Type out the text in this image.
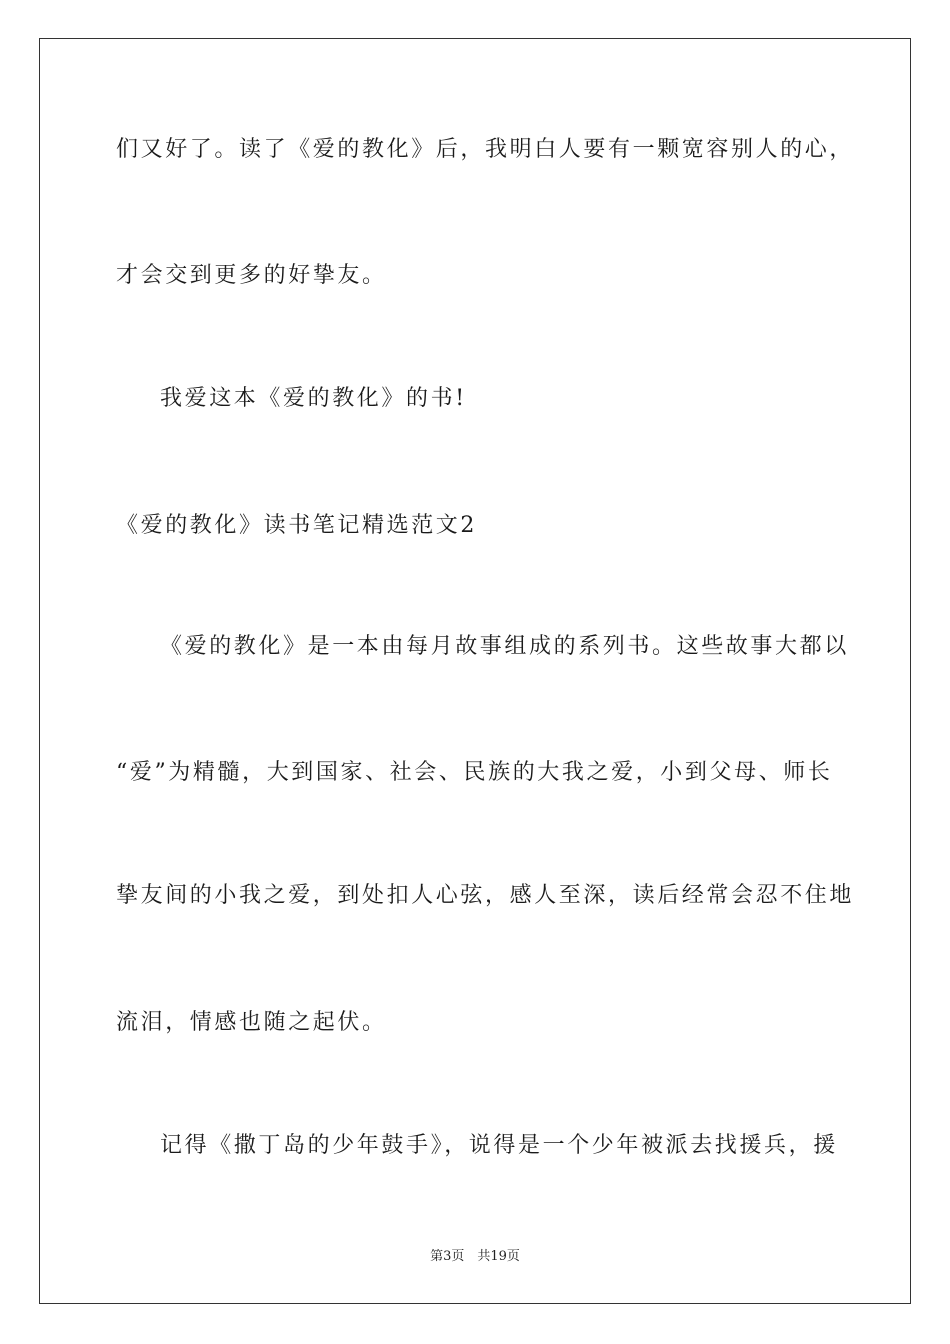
们又好了。读了《爱的教化》后，我明白人要有一颗宽容别人的心，
才会交到更多的好挚友。
我爱这本《爱的教化》的书!
《爱的教化》读书笔记精选范文2
《爱的教化》是一本由每月故事组成的系列书。这些故事大都以
“爱”为精髓，大到国家、社会、民族的大我之爱，小到父母、师长
挚友间的小我之爱，到处扣人心弦，感人至深，读后经常会忍不住地
流泪，情感也随之起伏。
记得《撒丁岛的少年鼓手》，说得是一个少年被派去找援兵，援
第3页　共19页
